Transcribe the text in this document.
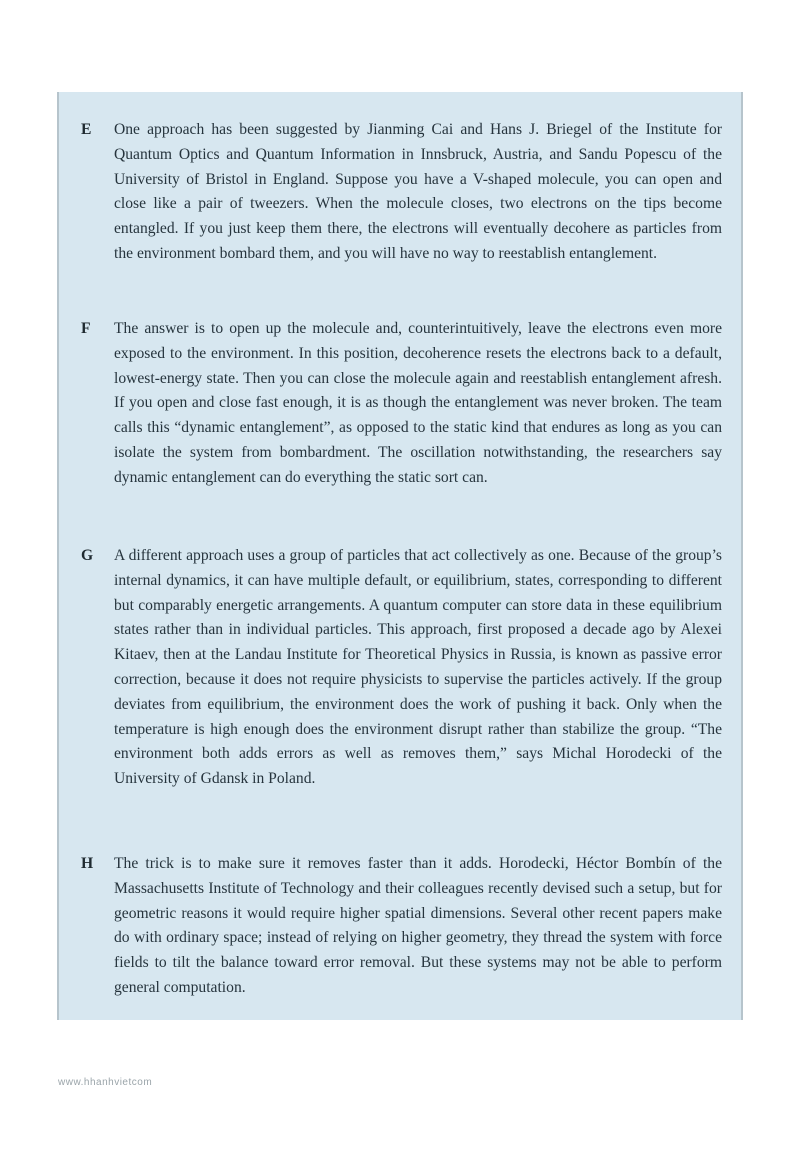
E One approach has been suggested by Jianming Cai and Hans J. Briegel of the Institute for Quantum Optics and Quantum Information in Innsbruck, Austria, and Sandu Popescu of the University of Bristol in England. Suppose you have a V-shaped molecule, you can open and close like a pair of tweezers. When the molecule closes, two electrons on the tips become entangled. If you just keep them there, the electrons will eventually decohere as particles from the environment bombard them, and you will have no way to reestablish entanglement.

F The answer is to open up the molecule and, counterintuitively, leave the electrons even more exposed to the environment. In this position, decoherence resets the electrons back to a default, lowest-energy state. Then you can close the molecule again and reestablish entanglement afresh. If you open and close fast enough, it is as though the entanglement was never broken. The team calls this “dynamic entanglement”, as opposed to the static kind that endures as long as you can isolate the system from bombardment. The oscillation notwithstanding, the researchers say dynamic entanglement can do everything the static sort can.

G A different approach uses a group of particles that act collectively as one. Because of the group’s internal dynamics, it can have multiple default, or equilibrium, states, corresponding to different but comparably energetic arrangements. A quantum computer can store data in these equilibrium states rather than in individual particles. This approach, first proposed a decade ago by Alexei Kitaev, then at the Landau Institute for Theoretical Physics in Russia, is known as passive error correction, because it does not require physicists to supervise the particles actively. If the group deviates from equilibrium, the environment does the work of pushing it back. Only when the temperature is high enough does the environment disrupt rather than stabilize the group. “The environment both adds errors as well as removes them,” says Michal Horodecki of the University of Gdansk in Poland.

H The trick is to make sure it removes faster than it adds. Horodecki, Héctor Bombín of the Massachusetts Institute of Technology and their colleagues recently devised such a setup, but for geometric reasons it would require higher spatial dimensions. Several other recent papers make do with ordinary space; instead of relying on higher geometry, they thread the system with force fields to tilt the balance toward error removal. But these systems may not be able to perform general computation.

www.hhanhvietcom
